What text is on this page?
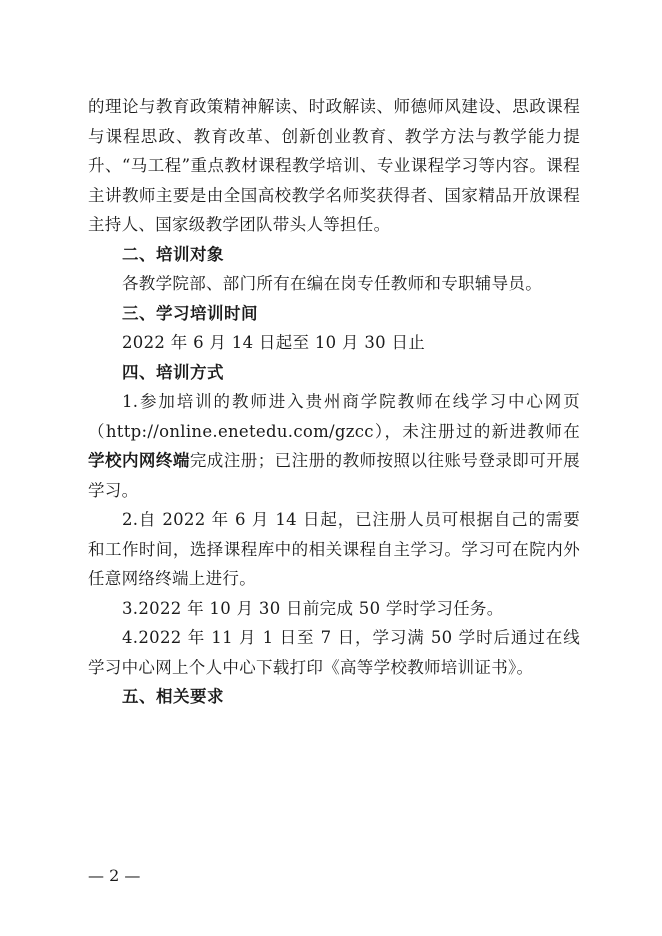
的理论与教育政策精神解读、时政解读、师德师风建设、思政课程与课程思政、教育改革、创新创业教育、教学方法与教学能力提升、“马工程”重点教材课程教学培训、专业课程学习等内容。课程主讲教师主要是由全国高校教学名师奖获得者、国家精品开放课程主持人、国家级教学团队带头人等担任。

二、培训对象

各教学院部、部门所有在编在岗专任教师和专职辅导员。

三、学习培训时间

2022 年 6 月 14 日起至 10 月 30 日止

四、培训方式

1.参加培训的教师进入贵州商学院教师在线学习中心网页（http://online.enetedu.com/gzcc），未注册过的新进教师在学校内网终端完成注册；已注册的教师按照以往账号登录即可开展学习。

2.自 2022 年 6 月 14 日起，已注册人员可根据自己的需要和工作时间，选择课程库中的相关课程自主学习。学习可在院内外任意网络终端上进行。

3.2022 年 10 月 30 日前完成 50 学时学习任务。

4.2022 年 11 月 1 日至 7 日，学习满 50 学时后通过在线学习中心网上个人中心下载打印《高等学校教师培训证书》。

五、相关要求

— 2 —
